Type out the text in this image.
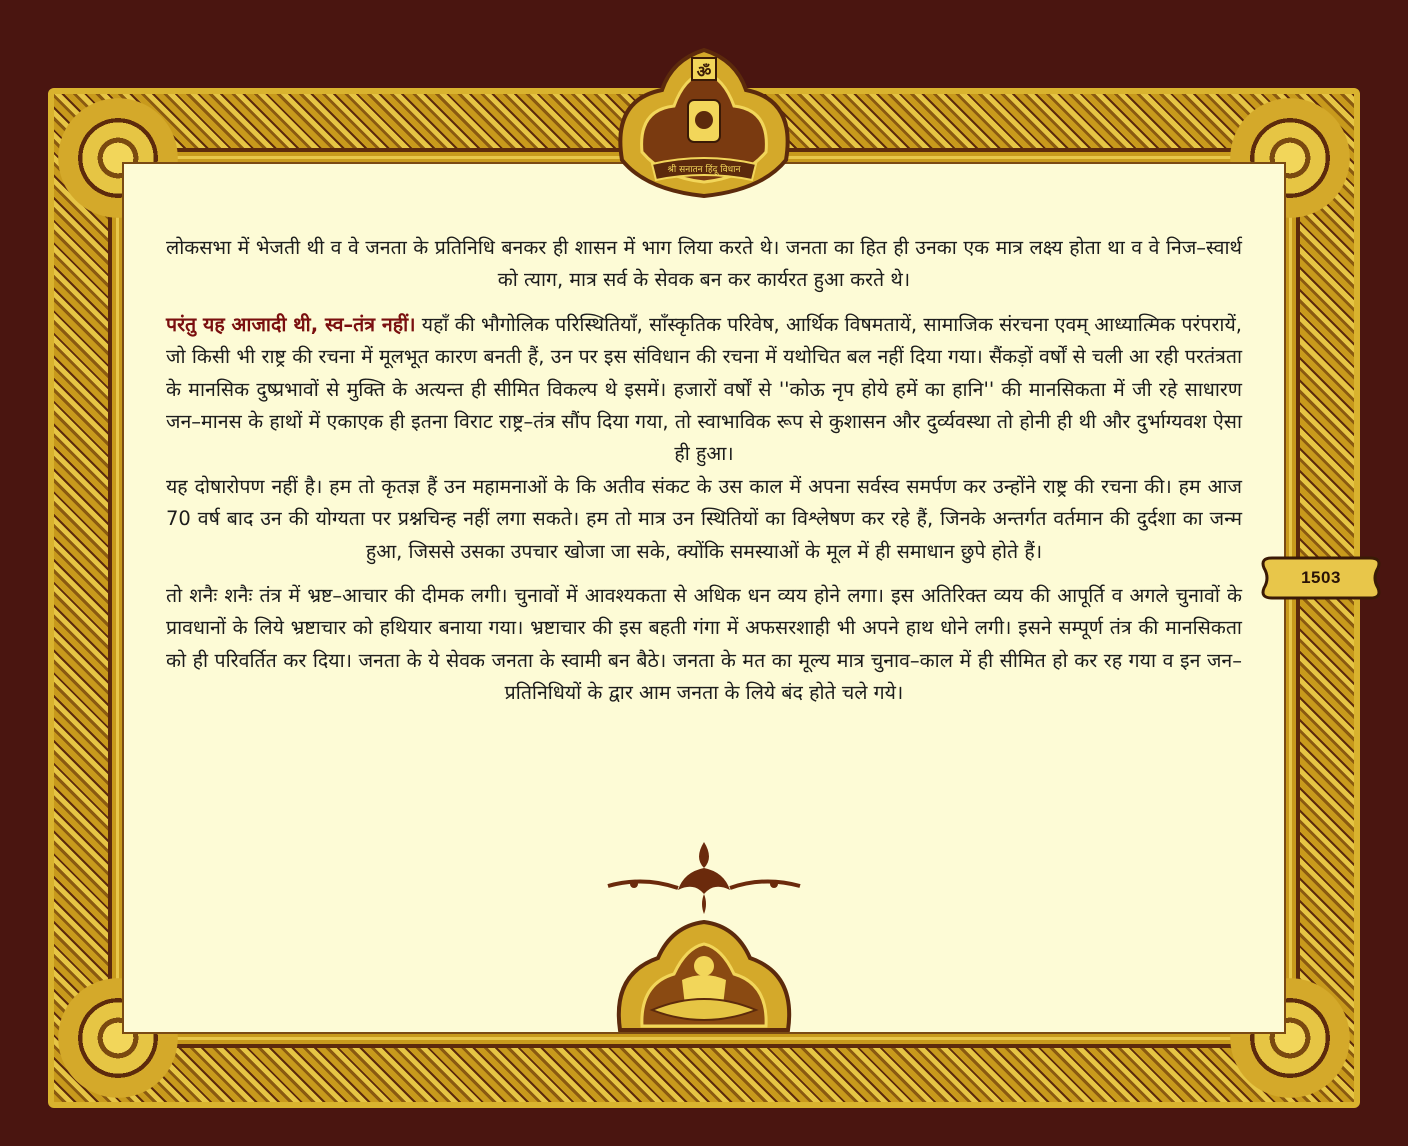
ॐ
श्री सनातन हिंदू विधान

लोकसभा में भेजती थी व वे जनता के प्रतिनिधि बनकर ही शासन में भाग लिया करते थे। जनता का हित ही उनका एक मात्र लक्ष्य होता था व वे निज–स्वार्थ को त्याग, मात्र सर्व के सेवक बन कर कार्यरत हुआ करते थे।

परंतु यह आजादी थी, स्व–तंत्र नहीं। यहाँ की भौगोलिक परिस्थितियाँ, साँस्कृतिक परिवेष, आर्थिक विषमतायें, सामाजिक संरचना एवम् आध्यात्मिक परंपरायें, जो किसी भी राष्ट्र की रचना में मूलभूत कारण बनती हैं, उन पर इस संविधान की रचना में यथोचित बल नहीं दिया गया। सैंकड़ों वर्षों से चली आ रही परतंत्रता के मानसिक दुष्प्रभावों से मुक्ति के अत्यन्त ही सीमित विकल्प थे इसमें। हजारों वर्षों से ''कोऊ नृप होये हमें का हानि'' की मानसिकता में जी रहे साधारण जन–मानस के हाथों में एकाएक ही इतना विराट राष्ट्र–तंत्र सौंप दिया गया, तो स्वाभाविक रूप से कुशासन और दुर्व्यवस्था तो होनी ही थी और दुर्भाग्यवश ऐसा ही हुआ।

यह दोषारोपण नहीं है। हम तो कृतज्ञ हैं उन महामनाओं के कि अतीव संकट के उस काल में अपना सर्वस्व समर्पण कर उन्होंने राष्ट्र की रचना की। हम आज 70 वर्ष बाद उन की योग्यता पर प्रश्नचिन्ह नहीं लगा सकते। हम तो मात्र उन स्थितियों का विश्लेषण कर रहे हैं, जिनके अन्तर्गत वर्तमान की दुर्दशा का जन्म हुआ, जिससे उसका उपचार खोजा जा सके, क्योंकि समस्याओं के मूल में ही समाधान छुपे होते हैं।

तो शनैः शनैः तंत्र में भ्रष्ट–आचार की दीमक लगी। चुनावों में आवश्यकता से अधिक धन व्यय होने लगा। इस अतिरिक्त व्यय की आपूर्ति व अगले चुनावों के प्रावधानों के लिये भ्रष्टाचार को हथियार बनाया गया। भ्रष्टाचार की इस बहती गंगा में अफसरशाही भी अपने हाथ धोने लगी। इसने सम्पूर्ण तंत्र की मानसिकता को ही परिवर्तित कर दिया। जनता के ये सेवक जनता के स्वामी बन बैठे। जनता के मत का मूल्य मात्र चुनाव–काल में ही सीमित हो कर रह गया व इन जन–प्रतिनिधियों के द्वार आम जनता के लिये बंद होते चले गये।

1503
